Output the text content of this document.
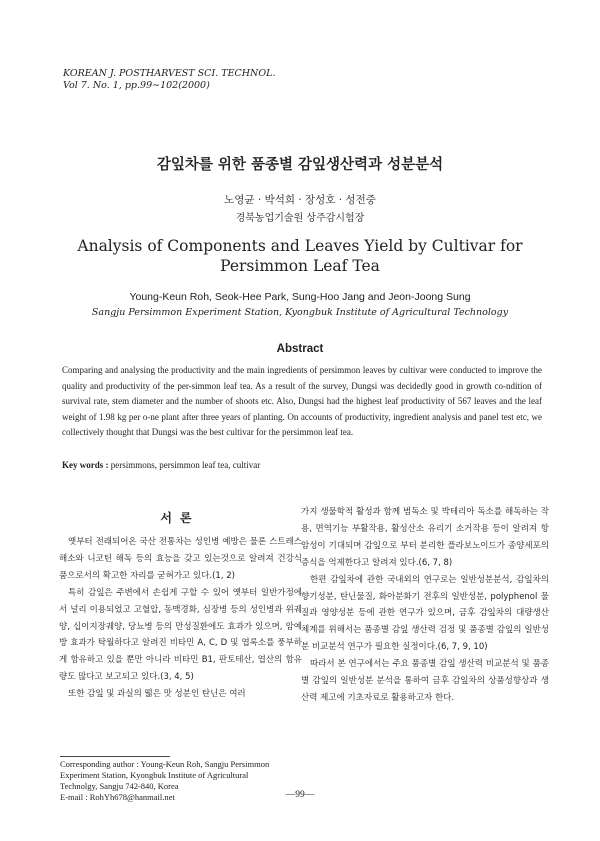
KOREAN J. POSTHARVEST SCI. TECHNOL.
Vol 7. No. 1, pp.99∼102(2000)
감잎차를 위한 품종별 감잎생산력과 성분분석
노영균 · 박석희 · 장성호 · 성전중
경북농업기술원 상주감시험장
Analysis of Components and Leaves Yield by Cultivar for
Persimmon Leaf Tea
Young-Keun Roh, Seok-Hee Park, Sung-Hoo Jang and Jeon-Joong Sung
Sangju Persimmon Experiment Station, Kyongbuk Institute of Agricultural Technology
Abstract
Comparing and analysing the productivity and the main ingredients of persimmon leaves by cultivar were conducted to improve the quality and productivity of the per-simmon leaf tea. As a result of the survey, Dungsi was decidedly good in growth co-ndition of survival rate, stem diameter and the number of shoots etc. Also, Dungsi had the highest leaf productivity of 567 leaves and the leaf weight of 1.98 kg per o-ne plant after three years of planting. On accounts of productivity, ingredient analysis and panel test etc, we collectively thought that Dungsi was the best cultivar for the persimmon leaf tea.
Key words : persimmons, persimmon leaf tea, cultivar
서론

옛부터 전래되어온 국산 전통차는 성인병 예방은 물론 스트레스 해소와 니코틴 해독 등의 효능을 갖고 있는것으로 알려져 건강식품으로서의 확고한 자리를 굳혀가고 있다.(1, 2)

특히 감잎은 주변에서 손쉽게 구할 수 있어 옛부터 일반가정에서 널리 이용되었고 고혈압, 동맥경화, 심장병 등의 성인병과 위궤양, 십이지장궤양, 당뇨병 등의 만성질환에도 효과가 있으며, 암예방 효과가 탁월하다고 알려진 비타민 A, C, D 및 엽록소를 풍부하게 함유하고 있을 뿐만 아니라 비타민 B1, 판토테산, 엽산의 함유량도 많다고 보고되고 있다.(3, 4, 5)

또한 감잎 및 과실의 떫은 맛 성분인 탄닌은 여러

가지 생물학적 활성과 함께 범독소 및 박테리아 독소를 해독하는 작용, 면역기능 부활작용, 활성산소 유리기 소거작용 등이 알려져 항암성이 기대되며 감잎으로 부터 분리한 플라보노이드가 종양세포의 증식을 억제한다고 알려져 있다.(6, 7, 8)

한편 감잎차에 관한 국내외의 연구로는 일반성분분석, 감잎차의 향기성분, 탄닌물질, 화아분화기 전후의 일반성분, polyphenol 물질과 영양성분 등에 관한 연구가 있으며, 금후 감잎차의 대량생산 체계를 위해서는 품종별 감잎 생산력 검정 및 품종별 감잎의 일반성분 비교분석 연구가 필요한 실정이다.(6, 7, 9, 10)

따라서 본 연구에서는 주요 품종별 감잎 생산력 비교분석 및 품종별 감잎의 일반성분 분석을 통하여 금후 감잎차의 상품성향상과 생산력 제고에 기초자료로 활용하고자 한다.

Corresponding author : Young-Keun Roh, Sangju Persimmon Experiment Station, Kyongbuk Institute of Agricultural Technolgy, Sangju 742-840, Korea
E-mail : RohYh678@hanmail.net	—99—
